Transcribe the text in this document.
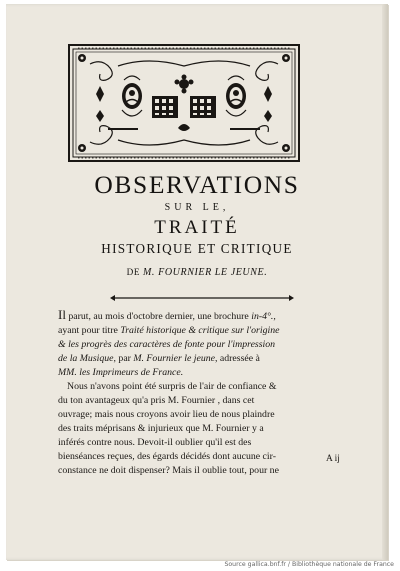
OBSERVATIONS
SUR LE,
TRAITÉ
HISTORIQUE ET CRITIQUE
DE M. FOURNIER LE JEUNE.
Il parut, au mois d'octobre dernier, une brochure in-4°.,
ayant pour titre Traité historique & critique sur l'origine
& les progrès des caractères de fonte pour l'impression
de la Musique, par M. Fournier le jeune, adressée à
MM. les Imprimeurs de France.
Nous n'avons point été surpris de l'air de confiance &
du ton avantageux qu'a pris M. Fournier , dans cet
ouvrage; mais nous croyons avoir lieu de nous plaindre
des traits méprisans & injurieux que M. Fournier y a
inférés contre nous. Devoit-il oublier qu'il est des
bienséances reçues, des égards décidés dont aucune cir-
constance ne doit dispenser? Mais il oublie tout, pour ne
A ij
Source gallica.bnf.fr / Bibliothèque nationale de France
